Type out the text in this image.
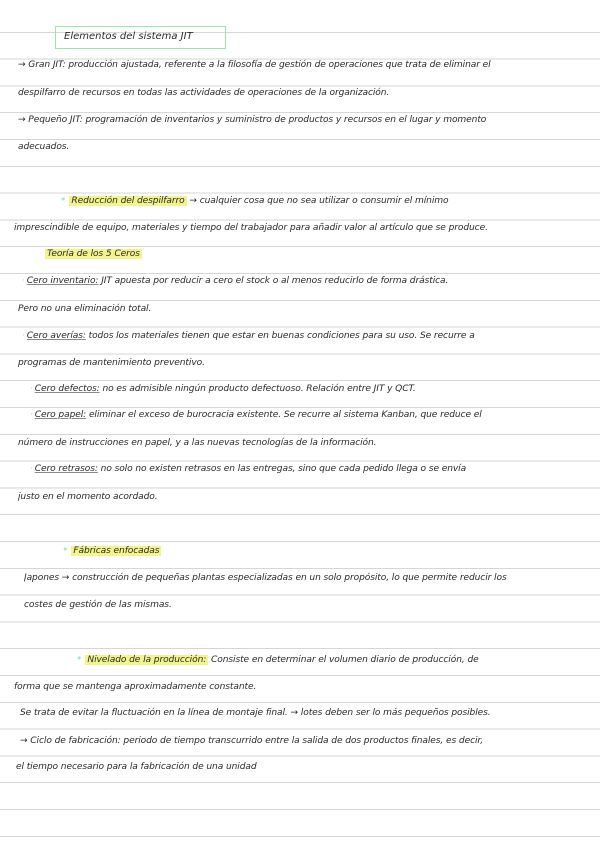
Elementos del sistema JIT
→ Gran JIT: producción ajustada, referente a la filosofía de gestión de operaciones que trata de eliminar el
despilfarro de recursos en todas las actividades de operaciones de la organización.
→ Pequeño JIT: programación de inventarios y suministro de productos y recursos en el lugar y momento
adecuados.
• Reducción del despilfarro → cualquier cosa que no sea utilizar o consumir el mínimo
imprescindible de equipo, materiales y tiempo del trabajador para añadir valor al artículo que se produce.
Teoría de los 5 Ceros
· Cero inventario: JIT apuesta por reducir a cero el stock o al menos reducirlo de forma drástica.
Pero no una eliminación total.
· Cero averías: todos los materiales tienen que estar en buenas condiciones para su uso. Se recurre a
programas de mantenimiento preventivo.
· Cero defectos: no es admisible ningún producto defectuoso. Relación entre JIT y QCT.
· Cero papel: eliminar el exceso de burocracia existente. Se recurre al sistema Kanban, que reduce el
número de instrucciones en papel, y a las nuevas tecnologías de la información.
· Cero retrasos: no solo no existen retrasos en las entregas, sino que cada pedido llega o se envía
justo en el momento acordado.
• Fábricas enfocadas
Japones → construcción de pequeñas plantas especializadas en un solo propósito, lo que permite reducir los
costes de gestión de las mismas.
• Nivelado de la producción: Consiste en determinar el volumen diario de producción, de
forma que se mantenga aproximadamente constante.
Se trata de evitar la fluctuación en la línea de montaje final. → lotes deben ser lo más pequeños posibles.
→ Ciclo de fabricación: periodo de tiempo transcurrido entre la salida de dos productos finales, es decir,
el tiempo necesario para la fabricación de una unidad
